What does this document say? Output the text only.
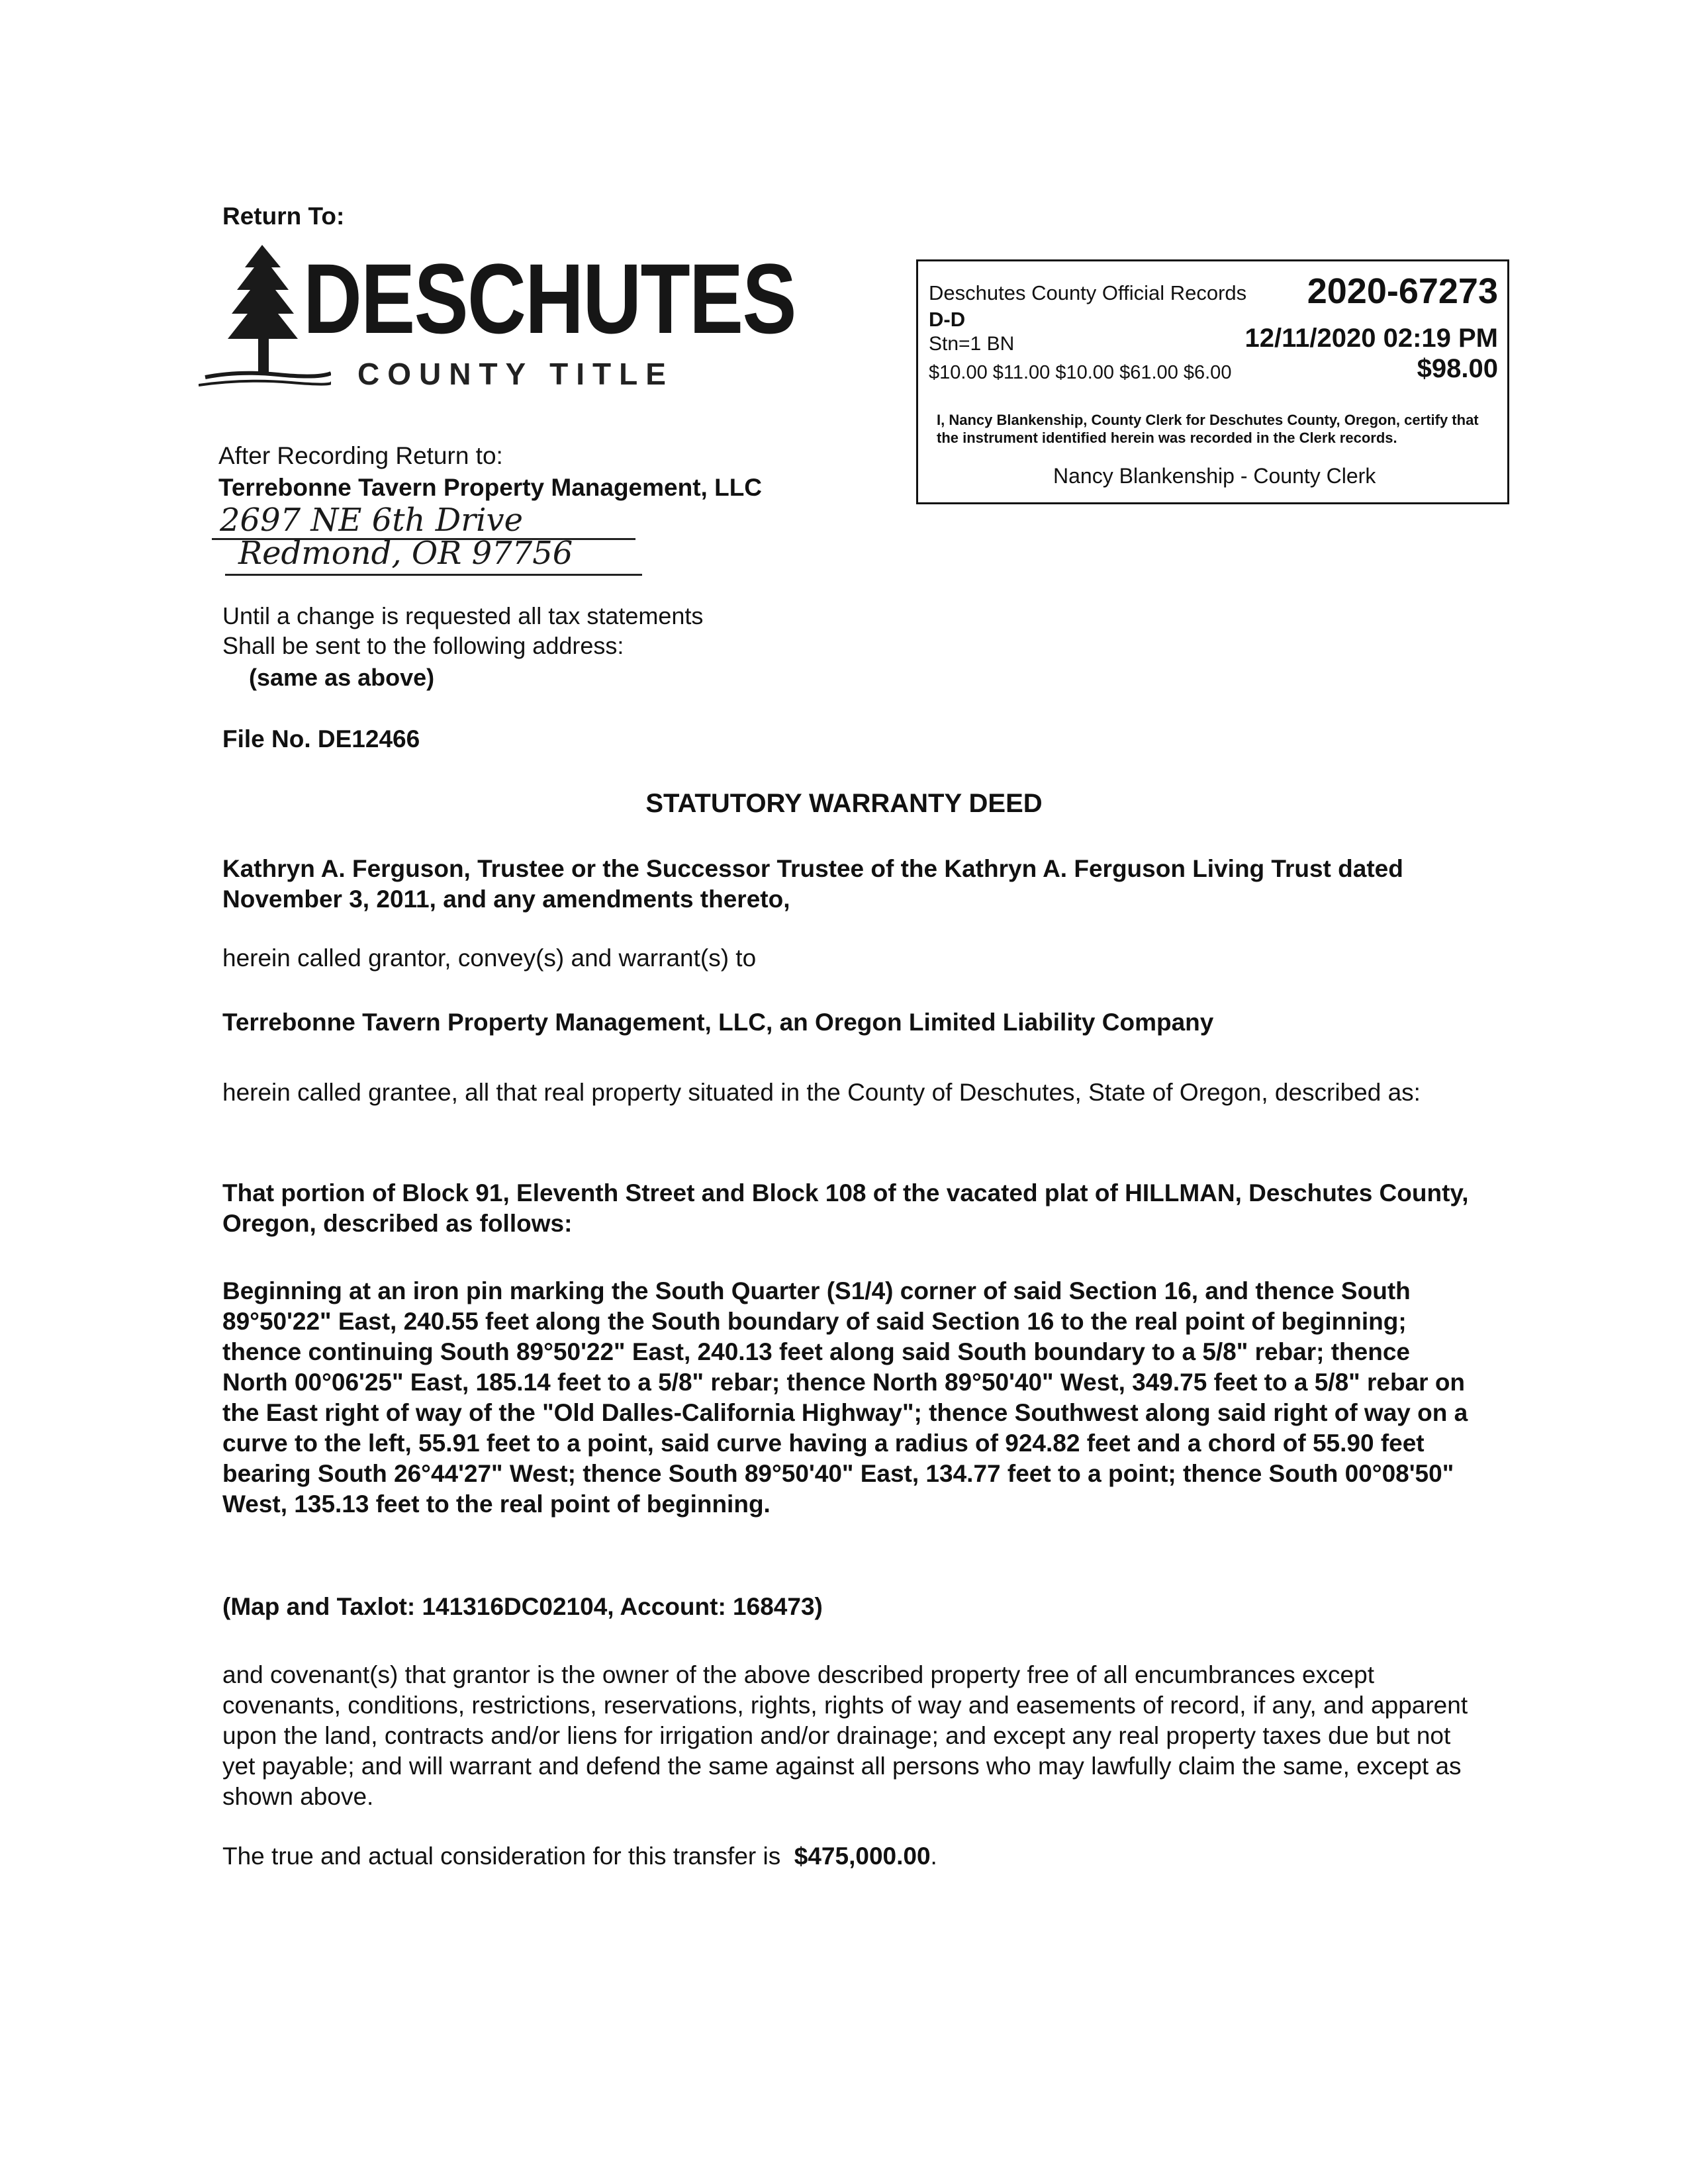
Return To:
DESCHUTES
COUNTY TITLE
Deschutes County Official Records 2020-67273
D-D
Stn=1 BN	12/11/2020 02:19 PM
$10.00 $11.00 $10.00 $61.00 $6.00	$98.00
I, Nancy Blankenship, County Clerk for Deschutes County, Oregon, certify that the instrument identified herein was recorded in the Clerk records.
Nancy Blankenship - County Clerk
After Recording Return to:
Terrebonne Tavern Property Management, LLC
2697 NE 6th Drive
Redmond, OR 97756
Until a change is requested all tax statements
Shall be sent to the following address:
(same as above)
File No. DE12466
STATUTORY WARRANTY DEED
Kathryn A. Ferguson, Trustee or the Successor Trustee of the Kathryn A. Ferguson Living Trust dated November 3, 2011, and any amendments thereto,
herein called grantor, convey(s) and warrant(s) to
Terrebonne Tavern Property Management, LLC, an Oregon Limited Liability Company
herein called grantee, all that real property situated in the County of Deschutes, State of Oregon, described as:
That portion of Block 91, Eleventh Street and Block 108 of the vacated plat of HILLMAN, Deschutes County, Oregon, described as follows:
Beginning at an iron pin marking the South Quarter (S1/4) corner of said Section 16, and thence South 89°50'22" East, 240.55 feet along the South boundary of said Section 16 to the real point of beginning; thence continuing South 89°50'22" East, 240.13 feet along said South boundary to a 5/8" rebar; thence North 00°06'25" East, 185.14 feet to a 5/8" rebar; thence North 89°50'40" West, 349.75 feet to a 5/8" rebar on the East right of way of the "Old Dalles-California Highway"; thence Southwest along said right of way on a curve to the left, 55.91 feet to a point, said curve having a radius of 924.82 feet and a chord of 55.90 feet bearing South 26°44'27" West; thence South 89°50'40" East, 134.77 feet to a point; thence South 00°08'50" West, 135.13 feet to the real point of beginning.
(Map and Taxlot: 141316DC02104, Account: 168473)
and covenant(s) that grantor is the owner of the above described property free of all encumbrances except covenants, conditions, restrictions, reservations, rights, rights of way and easements of record, if any, and apparent upon the land, contracts and/or liens for irrigation and/or drainage; and except any real property taxes due but not yet payable; and will warrant and defend the same against all persons who may lawfully claim the same, except as shown above.
The true and actual consideration for this transfer is $475,000.00.
